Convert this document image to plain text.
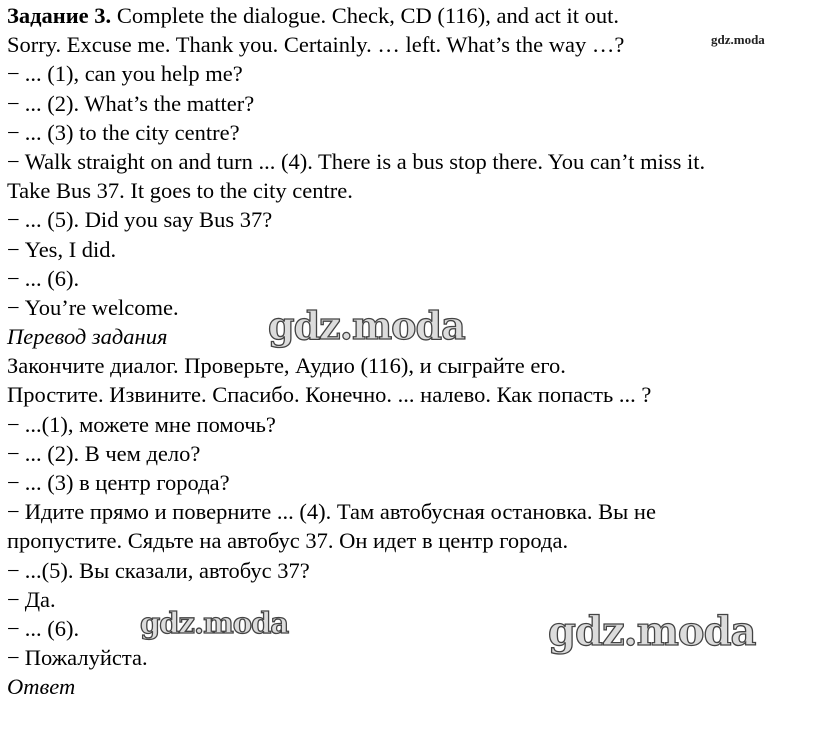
Задание 3. Complete the dialogue. Check, CD (116), and act it out.
Sorry. Excuse me. Thank you. Certainly. … left. What’s the way …?
− ... (1), can you help me?
− ... (2). What’s the matter?
− ... (3) to the city centre?
− Walk straight on and turn ... (4). There is a bus stop there. You can’t miss it.
Take Bus 37. It goes to the city centre.
− ... (5). Did you say Bus 37?
− Yes, I did.
− ... (6).
− You’re welcome.
Перевод задания
Закончите диалог. Проверьте, Аудио (116), и сыграйте его.
Простите. Извините. Спасибо. Конечно. ... налево. Как попасть ... ?
− ...(1), можете мне помочь?
− ... (2). В чем дело?
− ... (3) в центр города?
− Идите прямо и поверните ... (4). Там автобусная остановка. Вы не
пропустите. Сядьте на автобус 37. Он идет в центр города.
− ...(5). Вы сказали, автобус 37?
− Да.
− ... (6).
− Пожалуйста.
Ответ
gdz.moda
gdz.moda
gdz.moda	gdz.moda
